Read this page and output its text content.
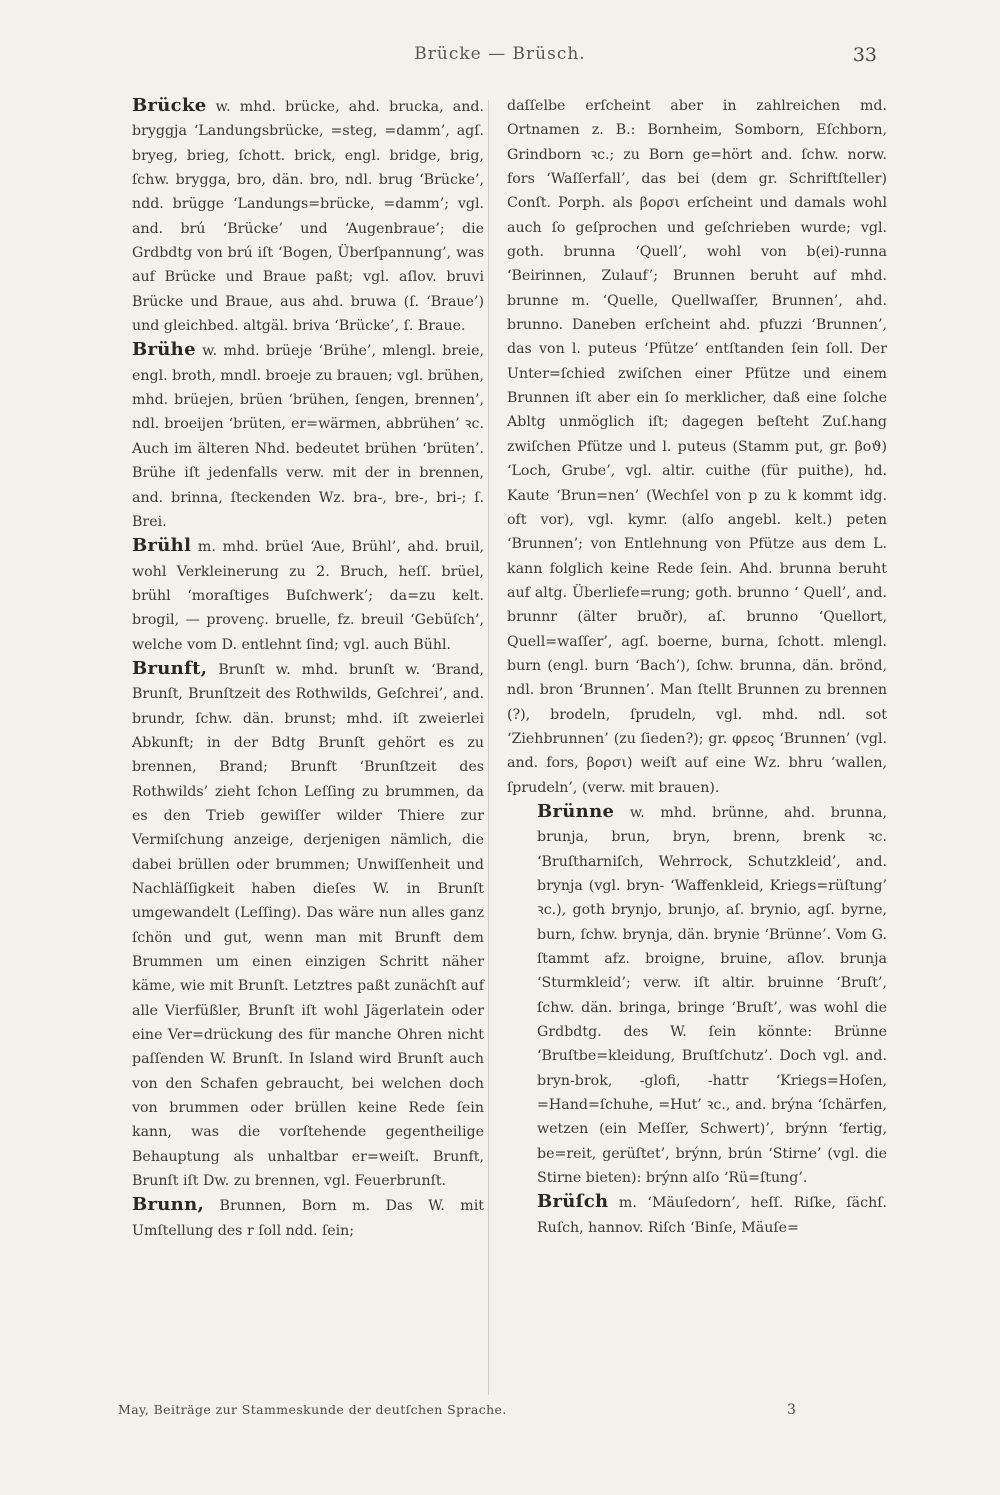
Brücke — Brüsch.	33

Brücke w. mhd. brücke, ahd. brucka, and. bryggja ‘Landungsbrücke, =steg, =damm’, agſ. bryeg, brieg, ſchott. brick, engl. bridge, brig, ſchw. brygga, bro, dän. bro, ndl. brug ‘Brücke’, ndd. brügge ‘Landungs=brücke, =damm’; vgl. and. brú ‘Brücke’ und ‘Augenbraue’; die Grdbdtg von brú iſt ‘Bogen, Überſpannung’, was auf Brücke und Braue paßt; vgl. aſlov. bruvi Brücke und Braue, aus ahd. bruwa (ſ. ‘Braue’) und gleichbed. altgäl. briva ‘Brücke’, ſ. Braue.

Brühe w. mhd. brüeje ‘Brühe’, mlengl. breie, engl. broth, mndl. broeje zu brauen; vgl. brühen, mhd. brüejen, brüen ‘brühen, ſengen, brennen’, ndl. broeijen ‘brüten, er=wärmen, abbrühen’ ꝛc. Auch im älteren Nhd. bedeutet brühen ‘brüten’. Brühe iſt jedenfalls verw. mit der in brennen, and. brinna, ſteckenden Wz. bra-, bre-, bri-; ſ. Brei.

Brühl m. mhd. brüel ‘Aue, Brühl’, ahd. bruil, wohl Verkleinerung zu 2. Bruch, heſſ. brüel, brühl ‘moraſtiges Buſchwerk’; da=zu kelt. brogil, — provenç. bruelle, fz. breuil ‘Gebüſch’, welche vom D. entlehnt ſind; vgl. auch Bühl.

Brunft, Brunſt w. mhd. brunſt w. ‘Brand, Brunſt, Brunſtzeit des Rothwilds, Geſchrei’, and. brundr, ſchw. dän. brunst; mhd. iſt zweierlei Abkunft; in der Bdtg Brunſt gehört es zu brennen, Brand; Brunft ‘Brunſtzeit des Rothwilds’ zieht ſchon Leſſing zu brummen, da es den Trieb gewiſſer wilder Thiere zur Vermiſchung anzeige, derjenigen nämlich, die dabei brüllen oder brummen; Unwiſſenheit und Nachläſſigkeit haben dieſes W. in Brunſt umgewandelt (Leſſing). Das wäre nun alles ganz ſchön und gut, wenn man mit Brunft dem Brummen um einen einzigen Schritt näher käme, wie mit Brunſt. Letztres paßt zunächſt auf alle Vierfüßler, Brunſt iſt wohl Jägerlatein oder eine Ver=drückung des für manche Ohren nicht paſſenden W. Brunſt. In Island wird Brunſt auch von den Schafen gebraucht, bei welchen doch von brummen oder brüllen keine Rede ſein kann, was die vorſtehende gegentheilige Behauptung als unhaltbar er=weiſt. Brunft, Brunſt iſt Dw. zu brennen, vgl. Feuerbrunſt.

Brunn, Brunnen, Born m. Das W. mit Umſtellung des r ſoll ndd. ſein;

daſſelbe erſcheint aber in zahlreichen md. Ortnamen z. B.: Bornheim, Somborn, Eſchborn, Grindborn ꝛc.; zu Born ge=hört and. ſchw. norw. fors ‘Waſſerfall’, das bei (dem gr. Schriftſteller) Conſt. Porph. als βορσι erſcheint und damals wohl auch ſo geſprochen und geſchrieben wurde; vgl. goth. brunna ‘Quell’, wohl von b(ei)-runna ‘Beirinnen, Zulauf’; Brunnen beruht auf mhd. brunne m. ‘Quelle, Quellwaſſer, Brunnen’, ahd. brunno. Daneben erſcheint ahd. pfuzzi ‘Brunnen’, das von l. puteus ‘Pfütze’ entſtanden ſein ſoll. Der Unter=ſchied zwiſchen einer Pfütze und einem Brunnen iſt aber ein ſo merklicher, daß eine ſolche Abltg unmöglich iſt; dagegen beſteht Zuſ.hang zwiſchen Pfütze und l. puteus (Stamm put, gr. βοϑ) ‘Loch, Grube’, vgl. altir. cuithe (für puithe), hd. Kaute ‘Brun=nen’ (Wechſel von p zu k kommt idg. oft vor), vgl. kymr. (alſo angebl. kelt.) peten ‘Brunnen’; von Entlehnung von Pfütze aus dem L. kann folglich keine Rede ſein. Ahd. brunna beruht auf altg. Überliefe=rung; goth. brunno ‘ Quell’, and. brunnr (älter bruðr), aſ. brunno ‘Quellort, Quell=waſſer’, agſ. boerne, burna, ſchott. mlengl. burn (engl. burn ‘Bach’), ſchw. brunna, dän. brönd, ndl. bron ‘Brunnen’. Man ſtellt Brunnen zu brennen (?), brodeln, ſprudeln, vgl. mhd. ndl. sot ‘Ziehbrunnen’ (zu ſieden?); gr. φρεος ‘Brunnen’ (vgl. and. fors, βορσι) weiſt auf eine Wz. bhru ‘wallen, ſprudeln’, (verw. mit brauen).

Brünne w. mhd. brünne, ahd. brunna, brunja, brun, bryn, brenn, brenk ꝛc. ‘Bruſtharniſch, Wehrrock, Schutzkleid’, and. brynja (vgl. bryn- ‘Waffenkleid, Kriegs=rüſtung’ ꝛc.), goth brynjo, brunjo, aſ. brynio, agſ. byrne, burn, ſchw. brynja, dän. brynie ‘Brünne’. Vom G. ſtammt afz. broigne, bruine, aſlov. brunja ‘Sturmkleid’; verw. iſt altir. bruinne ‘Bruſt’, ſchw. dän. bringa, bringe ‘Bruſt’, was wohl die Grdbdtg. des W. ſein könnte: Brünne ‘Bruſtbe=kleidung, Bruſtſchutz’. Doch vgl. and. bryn-brok, -glofi, -hattr ‘Kriegs=Hoſen, =Hand=ſchuhe, =Hut’ ꝛc., and. brýna ‘ſchärfen, wetzen (ein Meſſer, Schwert)’, brýnn ‘fertig, be=reit, gerüſtet’, brýnn, brún ‘Stirne’ (vgl. die Stirne bieten): brýnn alſo ‘Rü=ſtung’.

Brüſch m. ‘Mäuſedorn’, heſſ. Riſke, ſächſ. Ruſch, hannov. Riſch ‘Binſe, Mäuſe=

May, Beiträge zur Stammeskunde der deutſchen Sprache.	3
